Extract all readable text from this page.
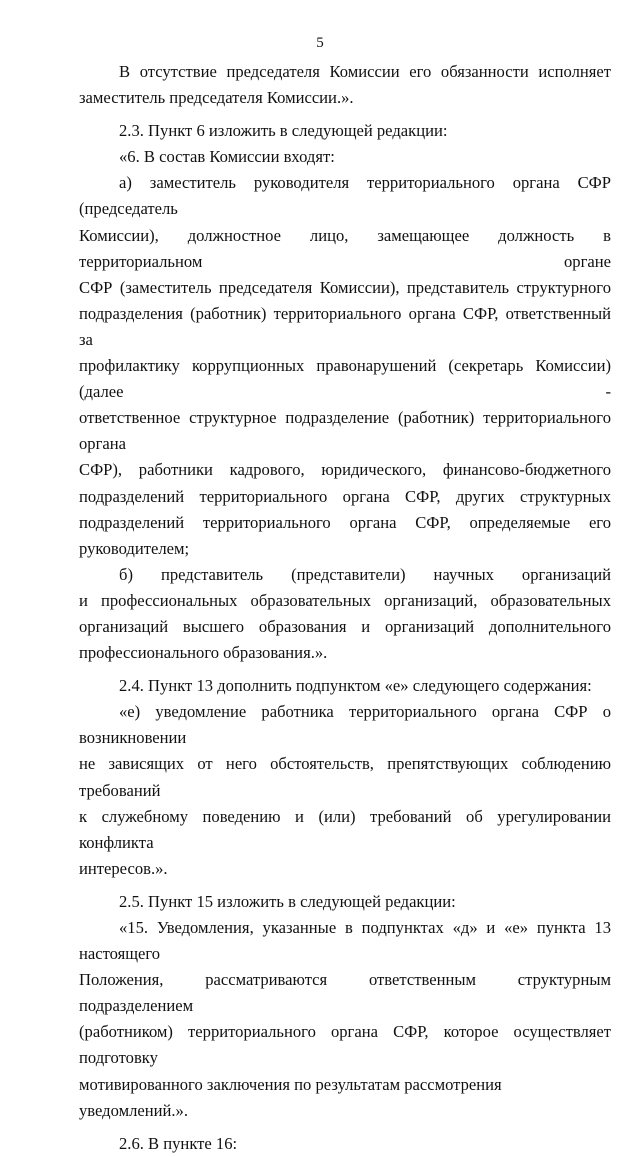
5

В отсутствие председателя Комиссии его обязанности исполняет

заместитель председателя Комиссии.».

2.3. Пункт 6 изложить в следующей редакции:

«6. В состав Комиссии входят:

а) заместитель руководителя территориального органа СФР (председатель

Комиссии), должностное лицо, замещающее должность в территориальном органе

СФР (заместитель председателя Комиссии), представитель структурного

подразделения (работник) территориального органа СФР, ответственный за

профилактику коррупционных правонарушений (секретарь Комиссии) (далее -

ответственное структурное подразделение (работник) территориального органа

СФР), работники кадрового, юридического, финансово-бюджетного

подразделений территориального органа СФР, других структурных

подразделений территориального органа СФР, определяемые его руководителем;

б) представитель (представители) научных организаций

и профессиональных образовательных организаций, образовательных

организаций высшего образования и организаций дополнительного

профессионального образования.».

2.4. Пункт 13 дополнить подпунктом «е» следующего содержания:

«е) уведомление работника территориального органа СФР о возникновении

не зависящих от него обстоятельств, препятствующих соблюдению требований

к служебному поведению и (или) требований об урегулировании конфликта

интересов.».

2.5. Пункт 15 изложить в следующей редакции:

«15. Уведомления, указанные в подпунктах «д» и «е» пункта 13 настоящего

Положения, рассматриваются ответственным структурным подразделением

(работником) территориального органа СФР, которое осуществляет подготовку

мотивированного заключения по результатам рассмотрения уведомлений.».

2.6. В пункте 16:
